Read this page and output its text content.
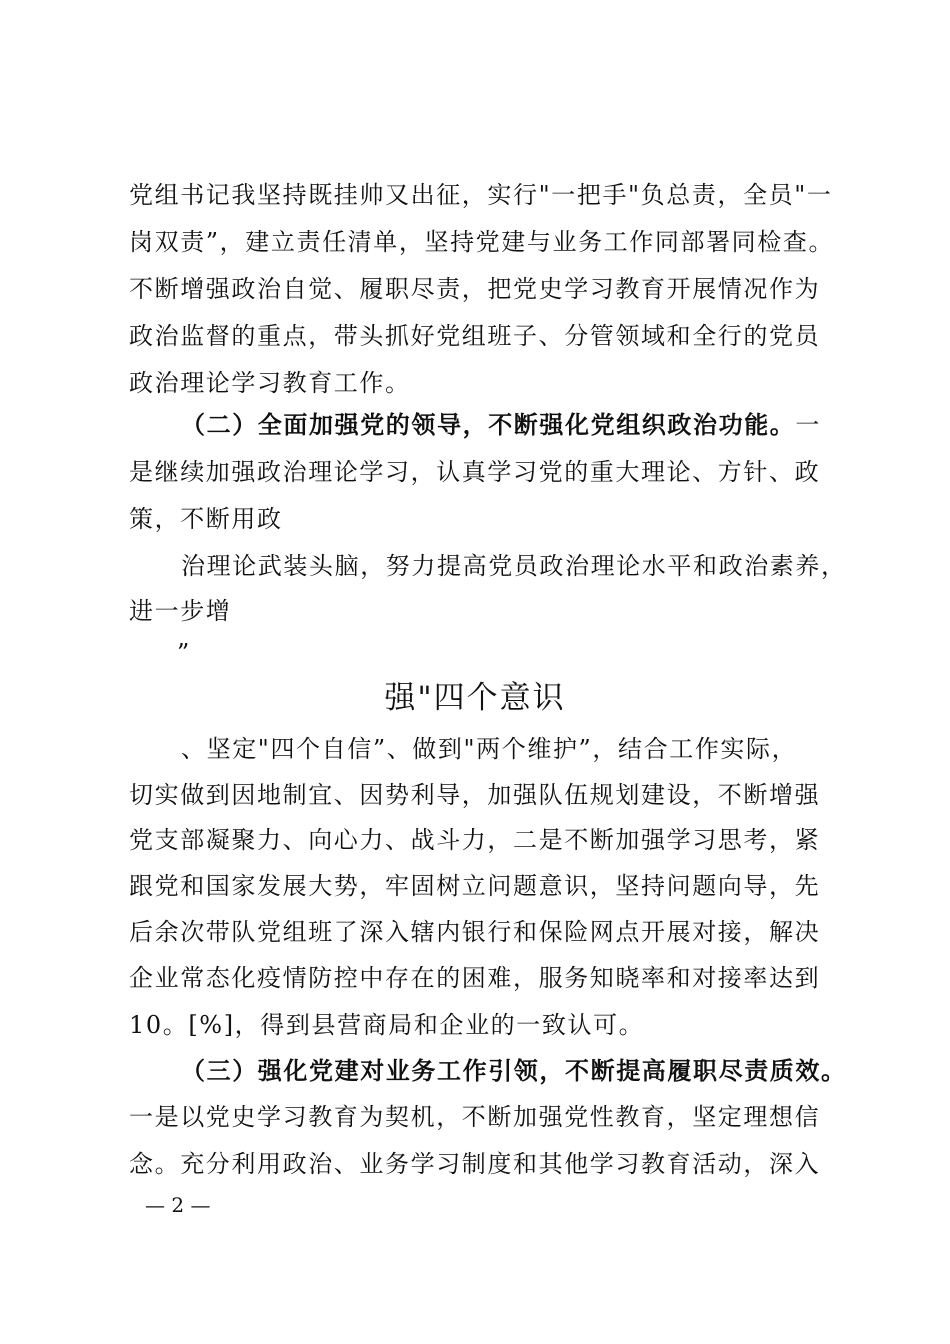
党组书记我坚持既挂帅又出征，实行"一把手"负总责，全员"一

岗双责”，建立责任清单，坚持党建与业务工作同部署同检查。

不断增强政治自觉、履职尽责，把党史学习教育开展情况作为

政治监督的重点，带头抓好党组班子、分管领域和全行的党员

政治理论学习教育工作。

（二）全面加强党的领导，不断强化党组织政治功能。一

是继续加强政治理论学习，认真学习党的重大理论、方针、政

策，不断用政

治理论武装头脑，努力提高党员政治理论水平和政治素养，

进一步增

”

强"四个意识

、坚定"四个自信”、做到"两个维护”，结合工作实际，

切实做到因地制宜、因势利导，加强队伍规划建设，不断增强

党支部凝聚力、向心力、战斗力，二是不断加强学习思考，紧

跟党和国家发展大势，牢固树立问题意识，坚持问题向导，先

后余次带队党组班了深入辖内银行和保险网点开展对接，解决

企业常态化疫情防控中存在的困难，服务知晓率和对接率达到

10。[%]，得到县营商局和企业的一致认可。

（三）强化党建对业务工作引领，不断提高履职尽责质效。

一是以党史学习教育为契机，不断加强党性教育，坚定理想信

念。充分利用政治、业务学习制度和其他学习教育活动，深入

— 2 —
